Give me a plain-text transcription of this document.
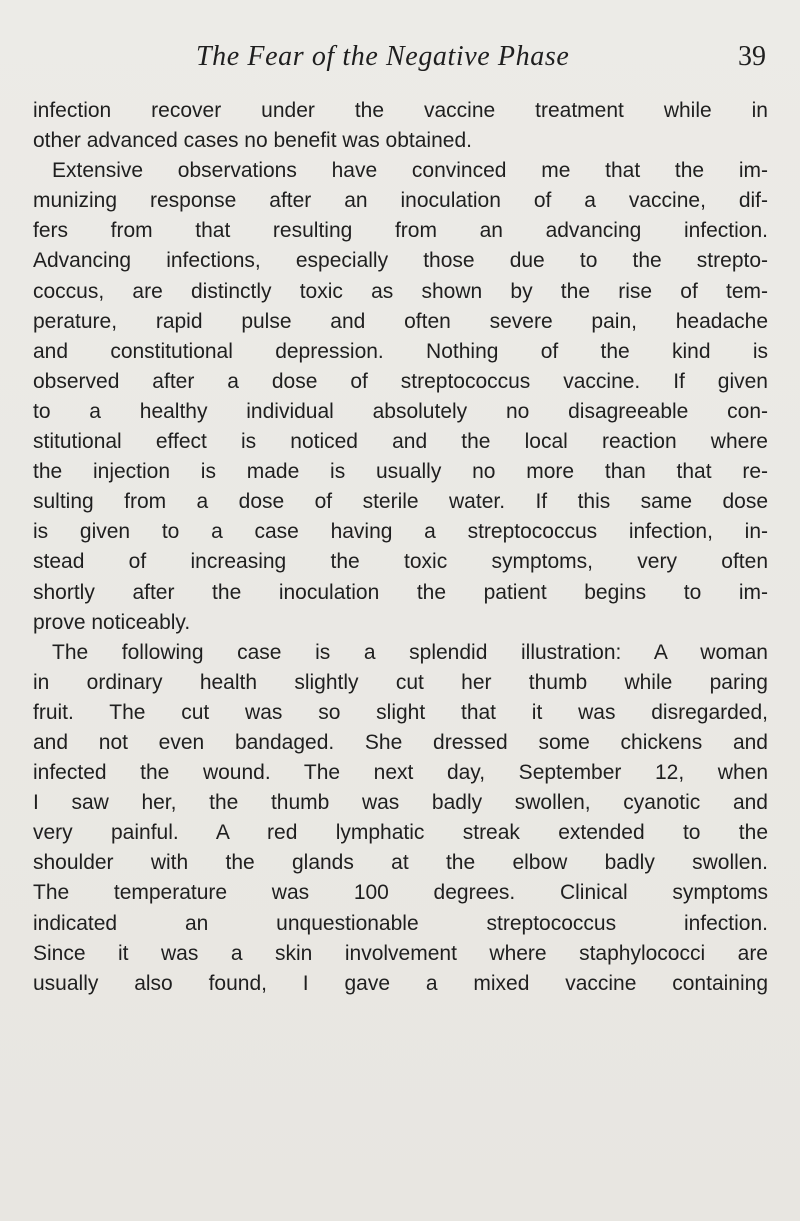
The Fear of the Negative Phase	39
infection recover under the vaccine treatment while in
other advanced cases no benefit was obtained.
Extensive observations have convinced me that the im-
munizing response after an inoculation of a vaccine, dif-
fers from that resulting from an advancing infection.
Advancing infections, especially those due to the strepto-
coccus, are distinctly toxic as shown by the rise of tem-
perature, rapid pulse and often severe pain, headache
and constitutional depression. Nothing of the kind is
observed after a dose of streptococcus vaccine. If given
to a healthy individual absolutely no disagreeable con-
stitutional effect is noticed and the local reaction where
the injection is made is usually no more than that re-
sulting from a dose of sterile water. If this same dose
is given to a case having a streptococcus infection, in-
stead of increasing the toxic symptoms, very often
shortly after the inoculation the patient begins to im-
prove noticeably.
The following case is a splendid illustration: A woman
in ordinary health slightly cut her thumb while paring
fruit. The cut was so slight that it was disregarded,
and not even bandaged. She dressed some chickens and
infected the wound. The next day, September 12, when
I saw her, the thumb was badly swollen, cyanotic and
very painful. A red lymphatic streak extended to the
shoulder with the glands at the elbow badly swollen.
The temperature was 100 degrees. Clinical symptoms
indicated an unquestionable streptococcus infection.
Since it was a skin involvement where staphylococci are
usually also found, I gave a mixed vaccine containing
